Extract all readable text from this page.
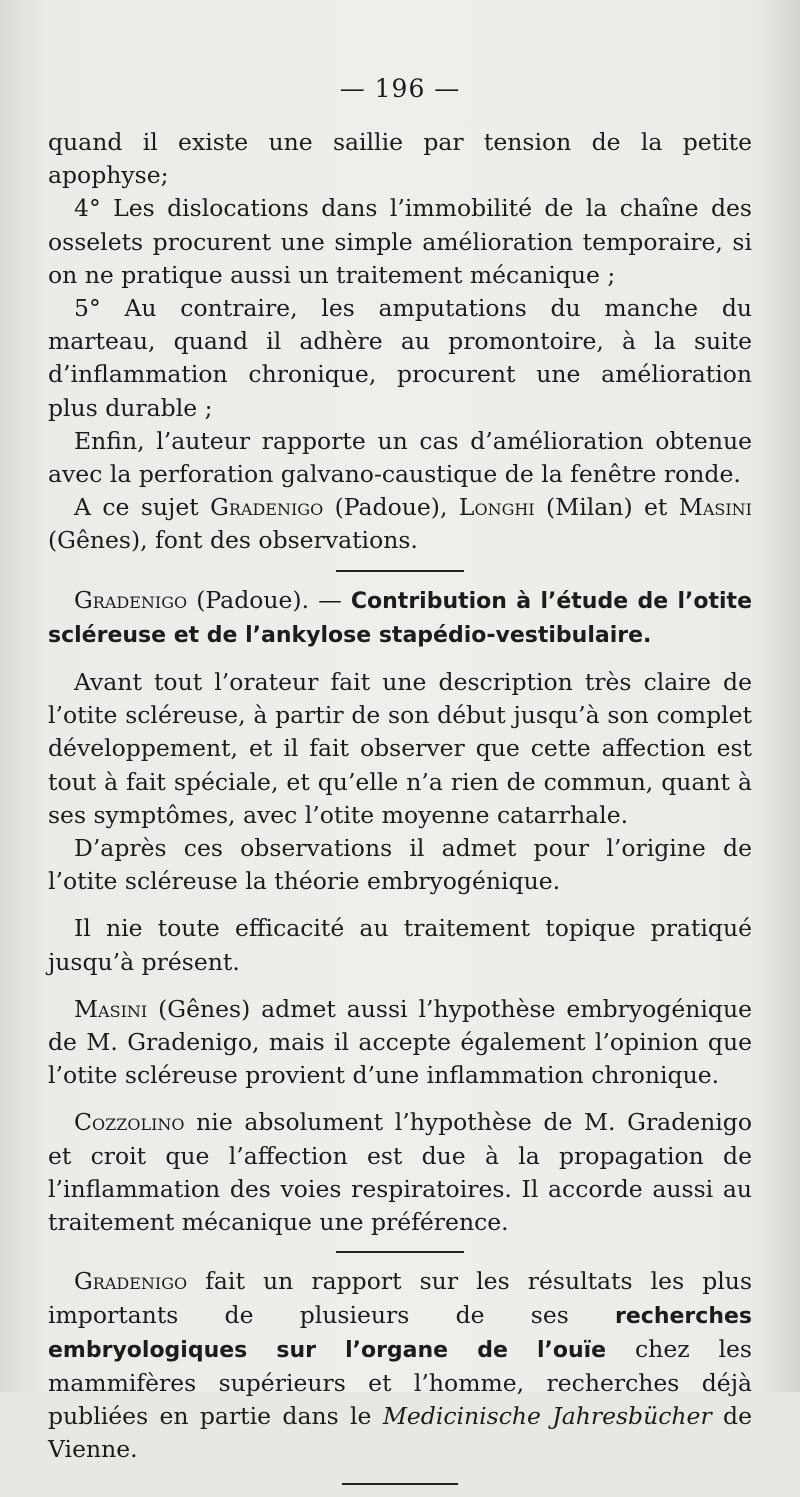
— 196 —

quand il existe une saillie par tension de la petite apophyse;

4° Les dislocations dans l’immobilité de la chaîne des osselets procurent une simple amélioration temporaire, si on ne pratique aussi un traitement mécanique ;

5° Au contraire, les amputations du manche du marteau, quand il adhère au promontoire, à la suite d’inflammation chronique, procurent une amélioration plus durable ;

Enfin, l’auteur rapporte un cas d’amélioration obtenue avec la perforation galvano-caustique de la fenêtre ronde.

A ce sujet Gradenigo (Padoue), Longhi (Milan) et Masini (Gênes), font des observations.

Gradenigo (Padoue). — Contribution à l’étude de l’otite scléreuse et de l’ankylose stapédio-vestibulaire.

Avant tout l’orateur fait une description très claire de l’otite scléreuse, à partir de son début jusqu’à son complet développement, et il fait observer que cette affection est tout à fait spéciale, et qu’elle n’a rien de commun, quant à ses symptômes, avec l’otite moyenne catarrhale.

D’après ces observations il admet pour l’origine de l’otite scléreuse la théorie embryogénique.

Il nie toute efficacité au traitement topique pratiqué jusqu’à présent.

Masini (Gênes) admet aussi l’hypothèse embryogénique de M. Gradenigo, mais il accepte également l’opinion que l’otite scléreuse provient d’une inflammation chronique.

Cozzolino nie absolument l’hypothèse de M. Gradenigo et croit que l’affection est due à la propagation de l’inflammation des voies respiratoires. Il accorde aussi au traitement mécanique une préférence.

Gradenigo fait un rapport sur les résultats les plus importants de plusieurs de ses recherches embryologiques sur l’organe de l’ouïe chez les mammifères supérieurs et l’homme, recherches déjà publiées en partie dans le Medicinische Jahresbücher de Vienne.
